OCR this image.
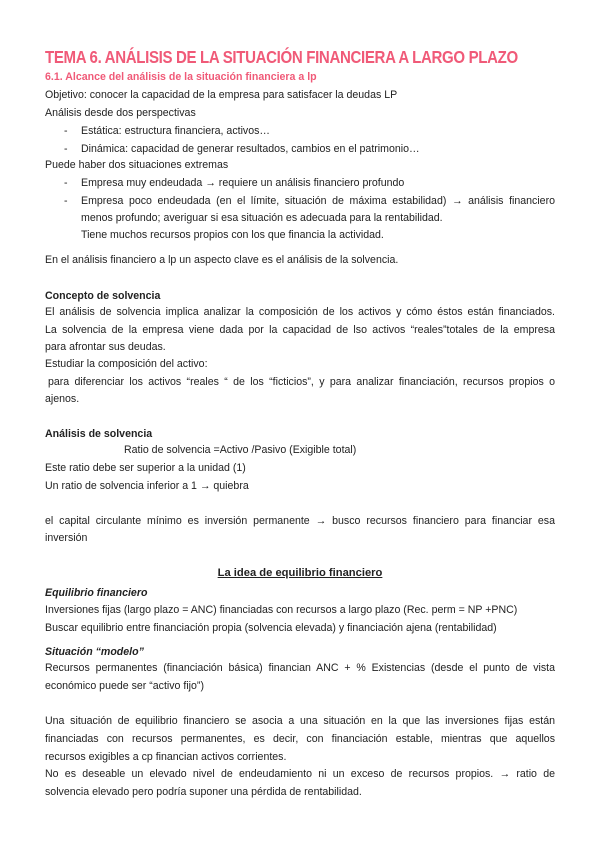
TEMA 6. ANÁLISIS DE LA SITUACIÓN FINANCIERA A LARGO PLAZO
6.1. Alcance del análisis de la situación financiera a lp
Objetivo: conocer la capacidad de la empresa para satisfacer la deudas LP
Análisis desde dos perspectivas
- Estática: estructura financiera, activos…
- Dinámica: capacidad de generar resultados, cambios en el patrimonio…
Puede haber dos situaciones extremas
- Empresa muy endeudada → requiere un análisis financiero profundo
- Empresa poco endeudada (en el límite, situación de máxima estabilidad) → análisis financiero
menos profundo; averiguar si esa situación es adecuada para la rentabilidad.
Tiene muchos recursos propios con los que financia la actividad.
En el análisis financiero a lp un aspecto clave es el análisis de la solvencia.
Concepto de solvencia
El análisis de solvencia implica analizar la composición de los activos y cómo éstos están financiados.
La solvencia de la empresa viene dada por la capacidad de lso activos “reales”totales de la empresa
para afrontar sus deudas.
Estudiar la composición del activo:
para diferenciar los activos “reales “ de los “ficticios”, y para analizar financiación, recursos propios o
ajenos.
Análisis de solvencia
Ratio de solvencia =Activo /Pasivo (Exigible total)
Este ratio debe ser superior a la unidad (1)
Un ratio de solvencia inferior a 1 → quiebra
el capital circulante mínimo es inversión permanente → busco recursos financiero para financiar esa
inversión
La idea de equilibrio financiero
Equilibrio financiero
Inversiones fijas (largo plazo = ANC) financiadas con recursos a largo plazo (Rec. perm = NP +PNC)
Buscar equilibrio entre financiación propia (solvencia elevada) y financiación ajena (rentabilidad)
Situación “modelo”
Recursos permanentes (financiación básica) financian ANC + % Existencias (desde el punto de vista
económico puede ser “activo fijo”)
Una situación de equilibrio financiero se asocia a una situación en la que las inversiones fijas están
financiadas con recursos permanentes, es decir, con financiación estable, mientras que aquellos
recursos exigibles a cp financian activos corrientes.
No es deseable un elevado nivel de endeudamiento ni un exceso de recursos propios. → ratio de
solvencia elevado pero podría suponer una pérdida de rentabilidad.
